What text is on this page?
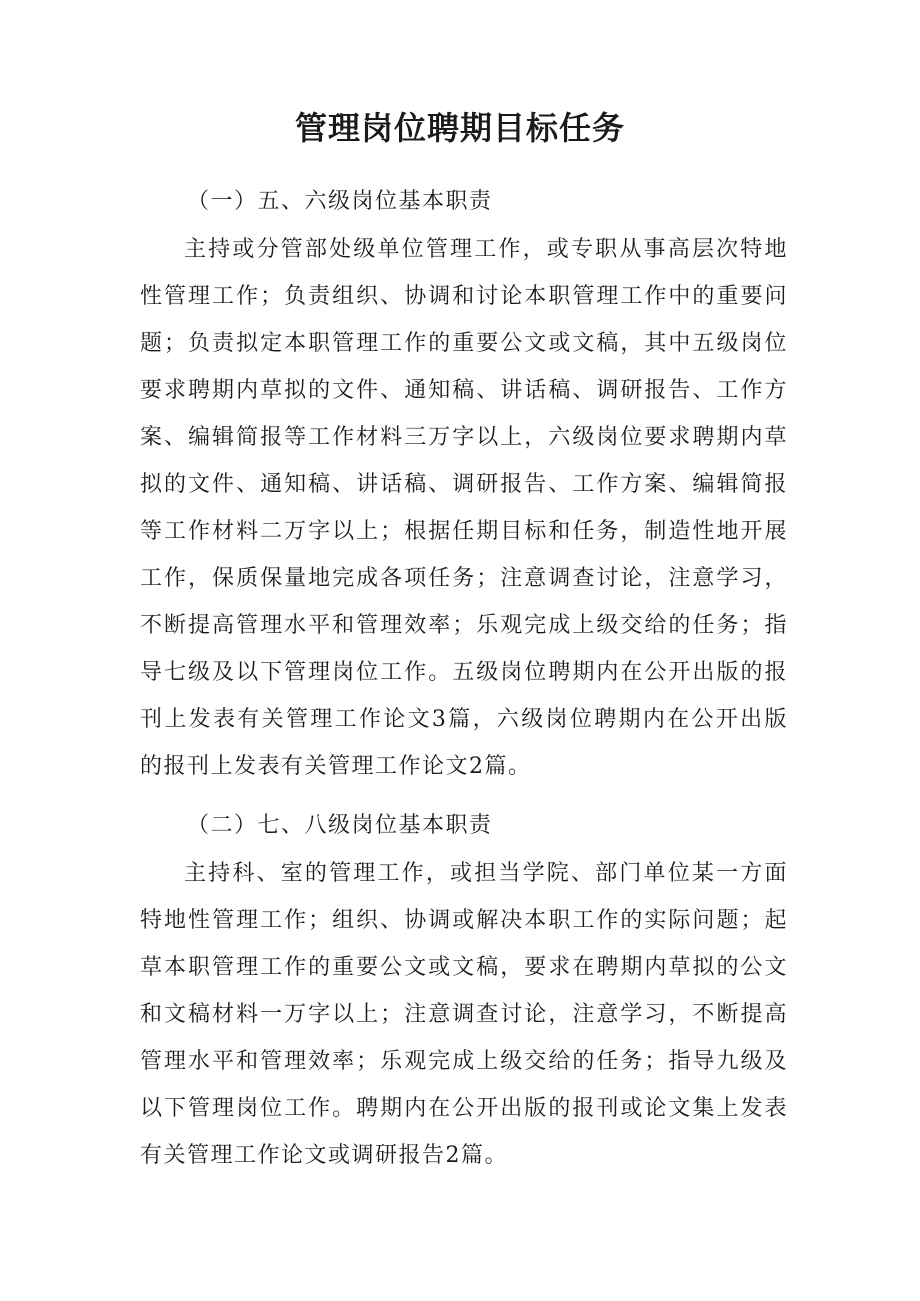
管理岗位聘期目标任务

（一）五、六级岗位基本职责

主持或分管部处级单位管理工作，或专职从事高层次特地性管理工作；负责组织、协调和讨论本职管理工作中的重要问题；负责拟定本职管理工作的重要公文或文稿，其中五级岗位要求聘期内草拟的文件、通知稿、讲话稿、调研报告、工作方案、编辑简报等工作材料三万字以上，六级岗位要求聘期内草拟的文件、通知稿、讲话稿、调研报告、工作方案、编辑简报等工作材料二万字以上；根据任期目标和任务，制造性地开展工作，保质保量地完成各项任务；注意调查讨论，注意学习，不断提高管理水平和管理效率；乐观完成上级交给的任务；指导七级及以下管理岗位工作。五级岗位聘期内在公开出版的报刊上发表有关管理工作论文3篇，六级岗位聘期内在公开出版的报刊上发表有关管理工作论文2篇。

（二）七、八级岗位基本职责

主持科、室的管理工作，或担当学院、部门单位某一方面特地性管理工作；组织、协调或解决本职工作的实际问题；起草本职管理工作的重要公文或文稿，要求在聘期内草拟的公文和文稿材料一万字以上；注意调查讨论，注意学习，不断提高管理水平和管理效率；乐观完成上级交给的任务；指导九级及以下管理岗位工作。聘期内在公开出版的报刊或论文集上发表有关管理工作论文或调研报告2篇。
